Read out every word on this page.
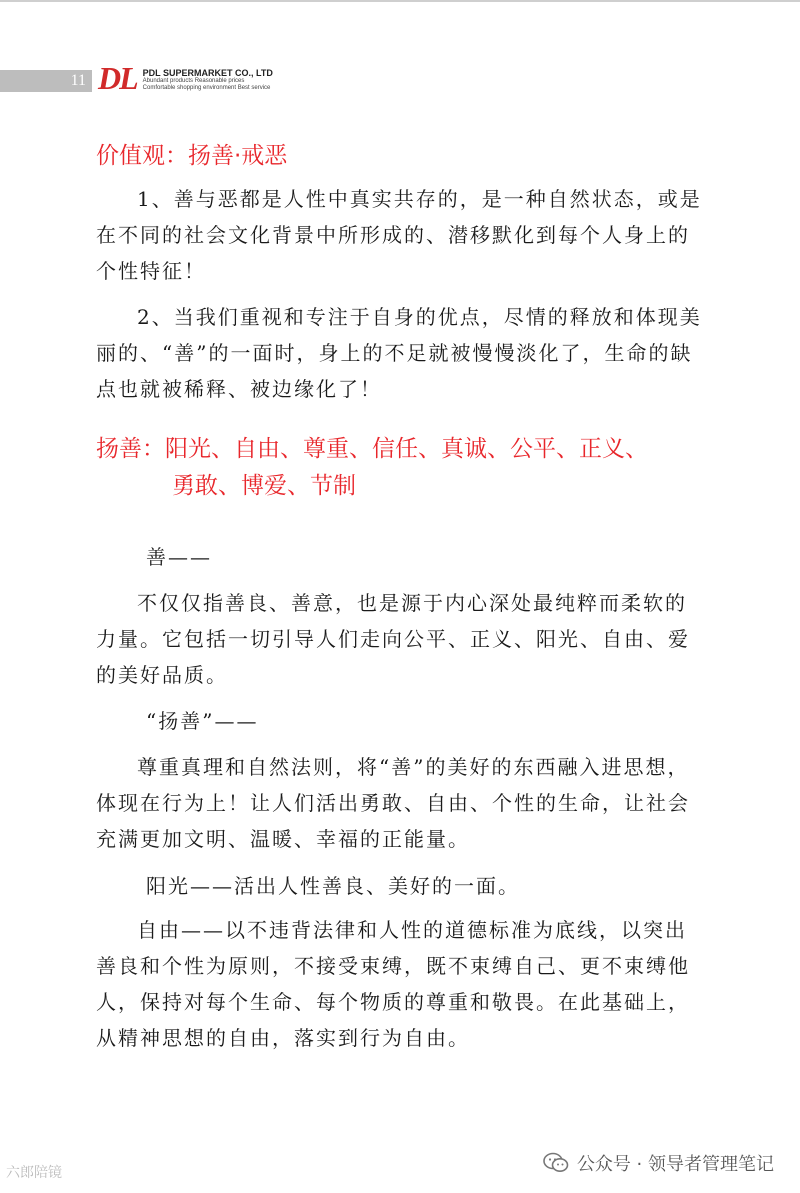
11 DL PDL SUPERMARKET CO., LTD
Abundant products Reasonable prices
Comfortable shopping environment Best service
价值观：扬善·戒恶

1、善与恶都是人性中真实共存的，是一种自然状态，或是在不同的社会文化背景中所形成的、潜移默化到每个人身上的个性特征！

2、当我们重视和专注于自身的优点，尽情的释放和体现美丽的、“善”的一面时，身上的不足就被慢慢淡化了，生命的缺点也就被稀释、被边缘化了！

扬善：阳光、自由、尊重、信任、真诚、公平、正义、
勇敢、博爱、节制
善——

不仅仅指善良、善意，也是源于内心深处最纯粹而柔软的力量。它包括一切引导人们走向公平、正义、阳光、自由、爱的美好品质。

“扬善”——

尊重真理和自然法则，将“善”的美好的东西融入进思想，体现在行为上！让人们活出勇敢、自由、个性的生命，让社会充满更加文明、温暖、幸福的正能量。

阳光——活出人性善良、美好的一面。

自由——以不违背法律和人性的道德标准为底线，以突出善良和个性为原则，不接受束缚，既不束缚自己、更不束缚他人，保持对每个生命、每个物质的尊重和敬畏。在此基础上，从精神思想的自由，落实到行为自由。

六郎陪镜	公众号 · 领导者管理笔记
